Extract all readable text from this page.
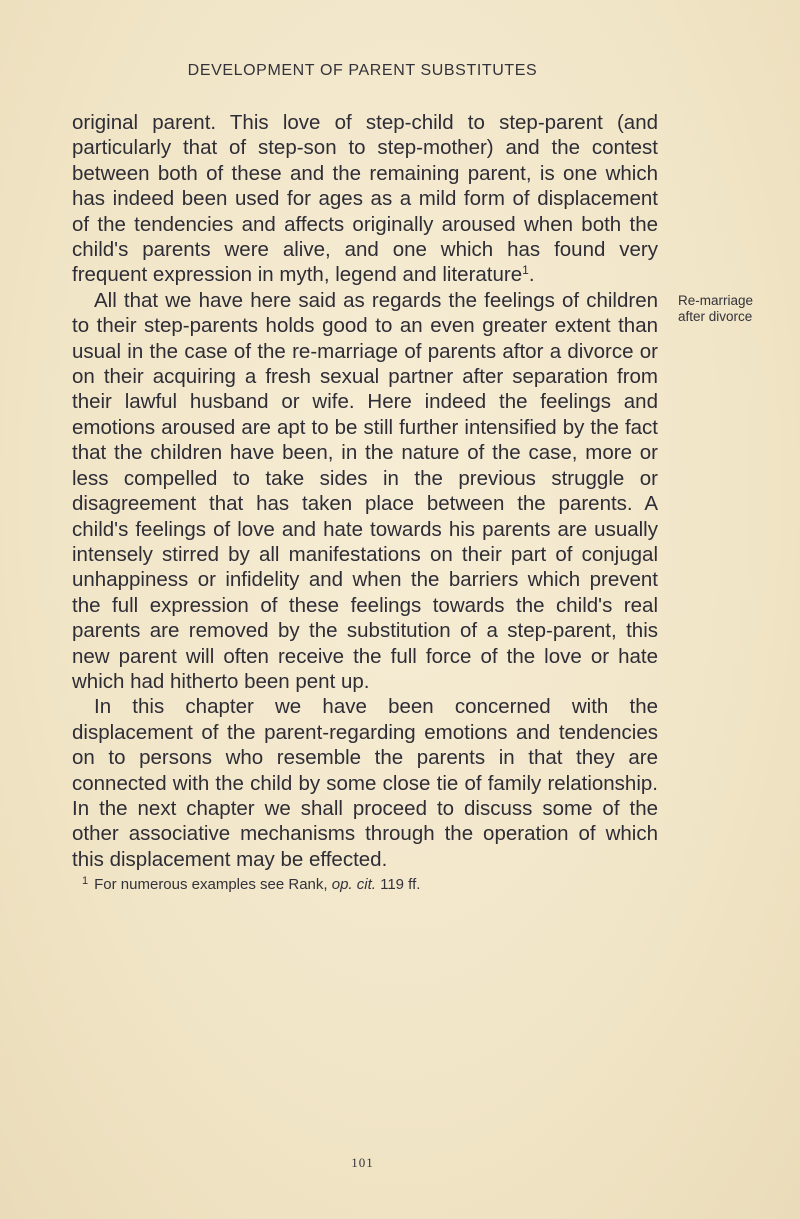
DEVELOPMENT OF PARENT SUBSTITUTES

original parent. This love of step-child to step-parent (and particularly that of step-son to step-mother) and the contest between both of these and the remaining parent, is one which has indeed been used for ages as a mild form of displacement of the tendencies and affects originally aroused when both the child's parents were alive, and one which has found very frequent expression in myth, legend and literature$^1$.

All that we have here said as regards the feelings of children to their step-parents holds good to an even greater extent than usual in the case of the re-marriage of parents aftor a divorce or on their acquiring a fresh sexual partner after separation from their lawful husband or wife. Here indeed the feelings and emotions aroused are apt to be still further intensified by the fact that the children have been, in the nature of the case, more or less compelled to take sides in the previous struggle or disagreement that has taken place between the parents. A child's feelings of love and hate towards his parents are usually intensely stirred by all manifestations on their part of conjugal unhappiness or infidelity and when the barriers which prevent the full expression of these feelings towards the child's real parents are removed by the substitution of a step-parent, this new parent will often receive the full force of the love or hate which had hitherto been pent up.

In this chapter we have been concerned with the displacement of the parent-regarding emotions and tendencies on to persons who resemble the parents in that they are connected with the child by some close tie of family relationship. In the next chapter we shall proceed to discuss some of the other associative mechanisms through the operation of which this displacement may be effected.

Re-marriage
after divorce
$^1$ For numerous examples see Rank, op. cit. 119 ff.
101
